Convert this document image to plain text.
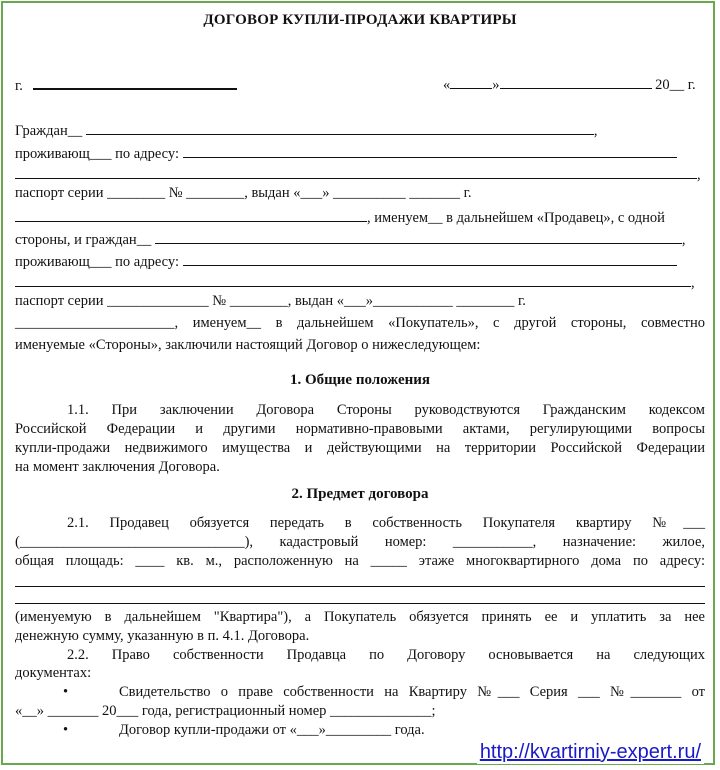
ДОГОВОР КУПЛИ-ПРОДАЖИ КВАРТИРЫ
г.	«	»	20__ г.
Граждан__	,
проживающ___ по адресу:
,
паспорт серии ________ № ________, выдан «___» __________ _______ г.
, именуем__ в дальнейшем «Продавец», с одной
стороны, и граждан__	,
проживающ___ по адресу:
,
паспорт серии ______________ № ________, выдан «___»___________ ________ г.
______________________, именуем__ в дальнейшем «Покупатель», с другой стороны, совместно
именуемые «Стороны», заключили настоящий Договор о нижеследующем:
1. Общие положения
1.1. При заключении Договора Стороны руководствуются Гражданским кодексом
Российской Федерации и другими нормативно-правовыми актами, регулирующими вопросы
купли-продажи недвижимого имущества и действующими на территории Российской Федерации
на момент заключения Договора.
2. Предмет договора
2.1. Продавец обязуется передать в собственность Покупателя квартиру №___
(_______________________________), кадастровый номер: ___________, назначение: жилое,
общая площадь: ____ кв. м., расположенную на _____ этаже многоквартирного дома по адресу:
(именуемую в дальнейшем "Квартира"), а Покупатель обязуется принять ее и уплатить за нее
денежную сумму, указанную в п. 4.1. Договора.
2.2. Право собственности Продавца по Договору основывается на следующих
документах:
•	Свидетельство о праве собственности на Квартиру №___ Серия ___ №_______ от
«__» _______ 20___ года, регистрационный номер ______________;
•	Договор купли-продажи от «___»_________ года.
http://kvartirniy-expert.ru/
